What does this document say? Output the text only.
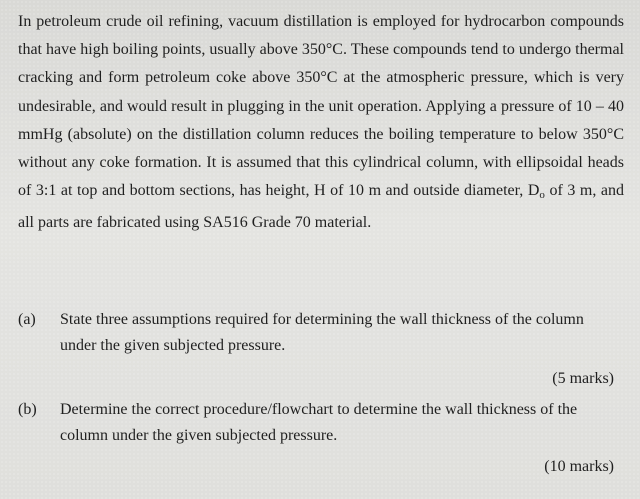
In petroleum crude oil refining, vacuum distillation is employed for hydrocarbon compounds that have high boiling points, usually above 350°C. These compounds tend to undergo thermal cracking and form petroleum coke above 350°C at the atmospheric pressure, which is very undesirable, and would result in plugging in the unit operation. Applying a pressure of 10 – 40 mmHg (absolute) on the distillation column reduces the boiling temperature to below 350°C without any coke formation. It is assumed that this cylindrical column, with ellipsoidal heads of 3:1 at top and bottom sections, has height, H of 10 m and outside diameter, $D_o$ of 3 m, and all parts are fabricated using SA516 Grade 70 material.

(a) State three assumptions required for determining the wall thickness of the column under the given subjected pressure.
(5 marks)
(b) Determine the correct procedure/flowchart to determine the wall thickness of the column under the given subjected pressure.
(10 marks)
